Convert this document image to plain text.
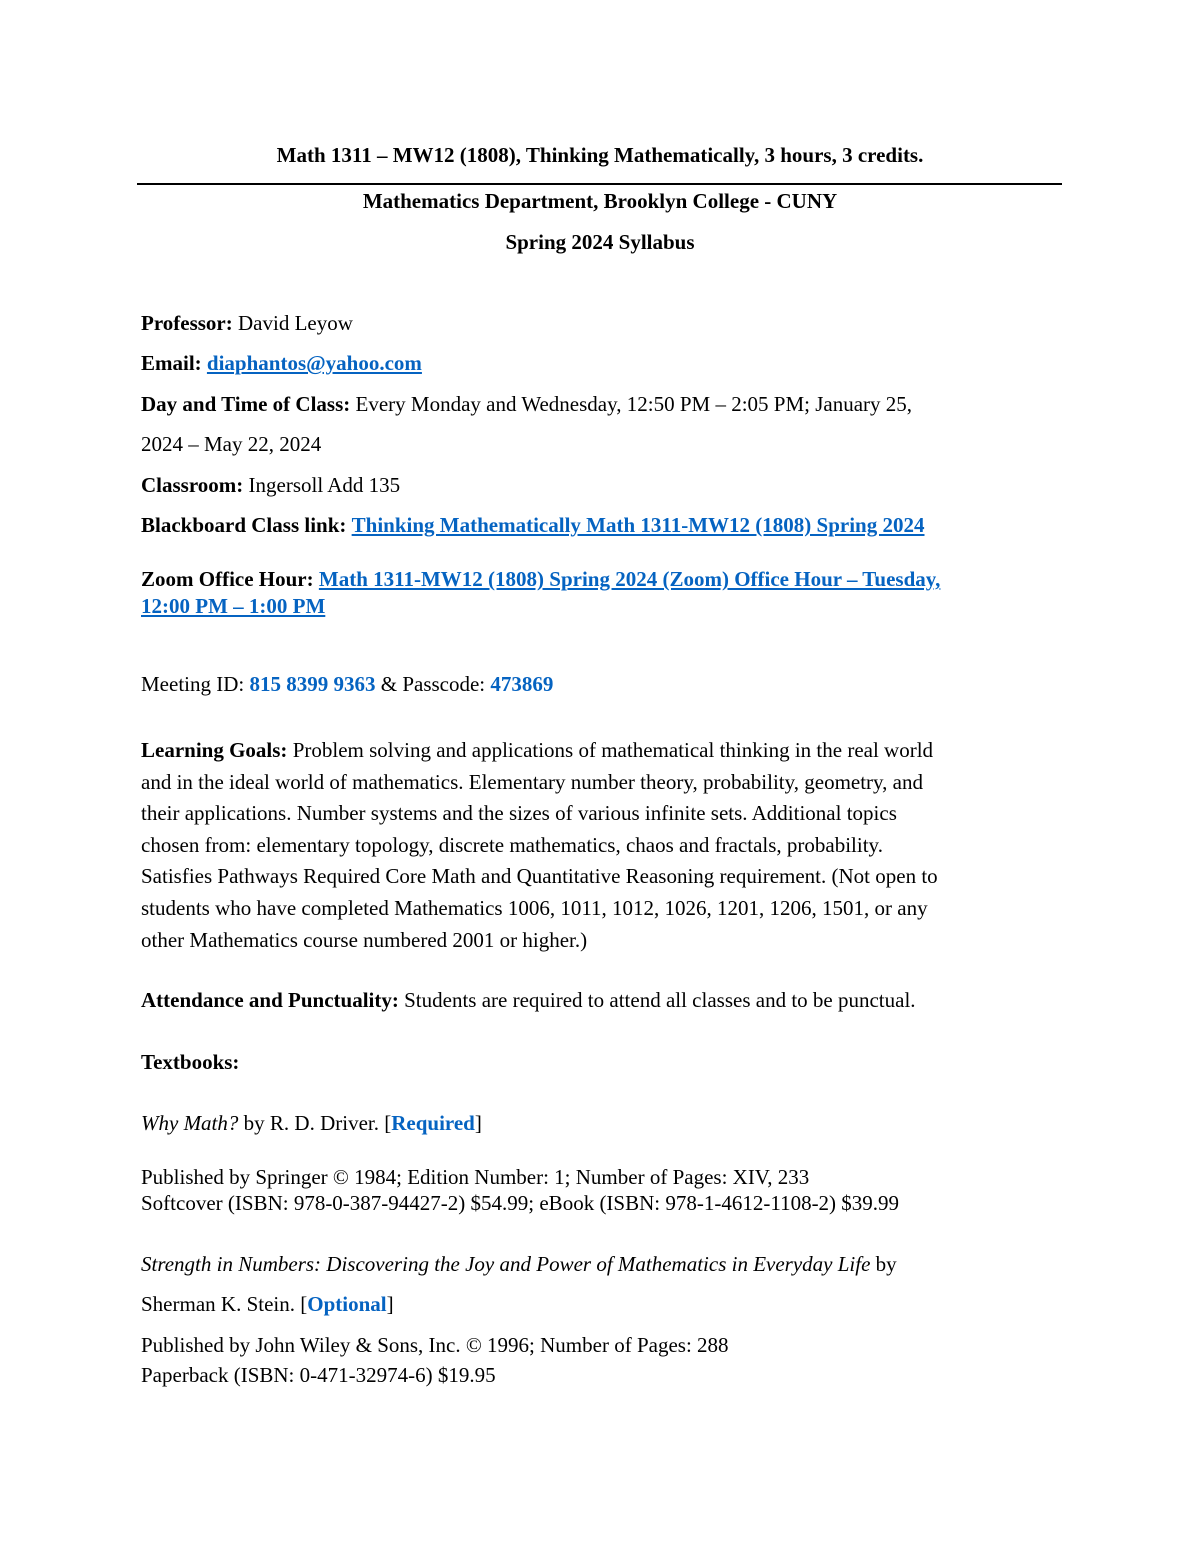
Math 1311 – MW12 (1808), Thinking Mathematically, 3 hours, 3 credits.
Mathematics Department, Brooklyn College - CUNY
Spring 2024 Syllabus
Professor: David Leyow
Email: diaphantos@yahoo.com
Day and Time of Class: Every Monday and Wednesday, 12:50 PM – 2:05 PM; January 25,
2024 – May 22, 2024
Classroom: Ingersoll Add 135
Blackboard Class link: Thinking Mathematically Math 1311-MW12 (1808) Spring 2024
Zoom Office Hour: Math 1311-MW12 (1808) Spring 2024 (Zoom) Office Hour – Tuesday,
12:00 PM – 1:00 PM
Meeting ID: 815 8399 9363 & Passcode: 473869
Learning Goals: Problem solving and applications of mathematical thinking in the real world
and in the ideal world of mathematics. Elementary number theory, probability, geometry, and
their applications. Number systems and the sizes of various infinite sets. Additional topics
chosen from: elementary topology, discrete mathematics, chaos and fractals, probability.
Satisfies Pathways Required Core Math and Quantitative Reasoning requirement. (Not open to
students who have completed Mathematics 1006, 1011, 1012, 1026, 1201, 1206, 1501, or any
other Mathematics course numbered 2001 or higher.)
Attendance and Punctuality: Students are required to attend all classes and to be punctual.
Textbooks:
Why Math? by R. D. Driver. [Required]
Published by Springer © 1984; Edition Number: 1; Number of Pages: XIV, 233
Softcover (ISBN: 978-0-387-94427-2) $54.99; eBook (ISBN: 978-1-4612-1108-2) $39.99
Strength in Numbers: Discovering the Joy and Power of Mathematics in Everyday Life by
Sherman K. Stein. [Optional]
Published by John Wiley & Sons, Inc. © 1996; Number of Pages: 288
Paperback (ISBN: 0-471-32974-6) $19.95
